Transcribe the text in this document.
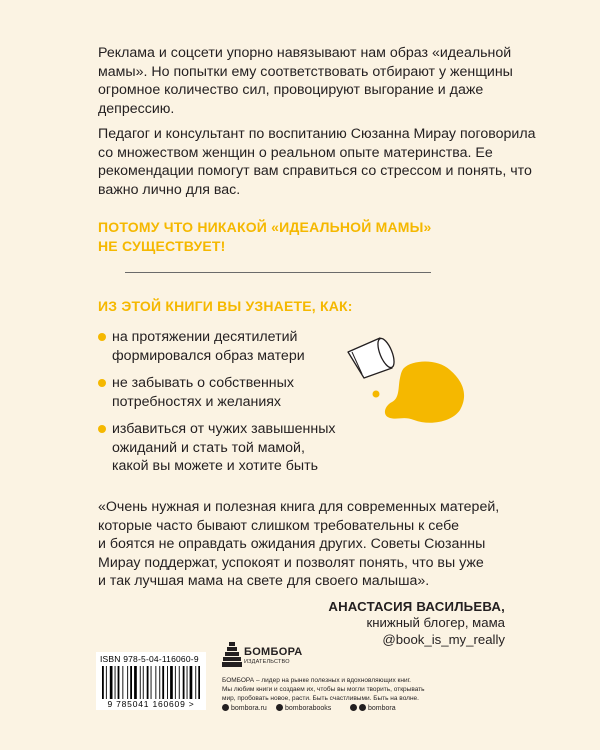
Реклама и соцсети упорно навязывают нам образ «идеальной мамы». Но попытки ему соответствовать отбирают у женщины огромное количество сил, провоцируют выгорание и даже депрессию.
Педагог и консультант по воспитанию Сюзанна Мирау поговорила со множеством женщин о реальном опыте материнства. Ее рекомендации помогут вам справиться со стрессом и понять, что важно лично для вас.
ПОТОМУ ЧТО НИКАКОЙ «ИДЕАЛЬНОЙ МАМЫ»
НЕ СУЩЕСТВУЕТ!
ИЗ ЭТОЙ КНИГИ ВЫ УЗНАЕТЕ, КАК:
на протяжении десятилетий
формировался образ матери
не забывать о собственных
потребностях и желаниях
избавиться от чужих завышенных
ожиданий и стать той мамой,
какой вы можете и хотите быть
«Очень нужная и полезная книга для современных матерей,
которые часто бывают слишком требовательны к себе
и боятся не оправдать ожидания других. Советы Сюзанны
Мирау поддержат, успокоят и позволят понять, что вы уже
и так лучшая мама на свете для своего малыша».
АНАСТАСИЯ ВАСИЛЬЕВА,
книжный блогер, мама
@book_is_my_really
ISBN 978-5-04-116060-9
9 785041 160609 >
БОМБОРА
ИЗДАТЕЛЬСТВО
БОМБОРА – лидер на рынке полезных и вдохновляющих книг.
Мы любим книги и создаем их, чтобы вы могли творить, открывать
мир, пробовать новое, расти. Быть счастливыми. Быть на волне.
bombora.ru	bomborabooks	bombora
